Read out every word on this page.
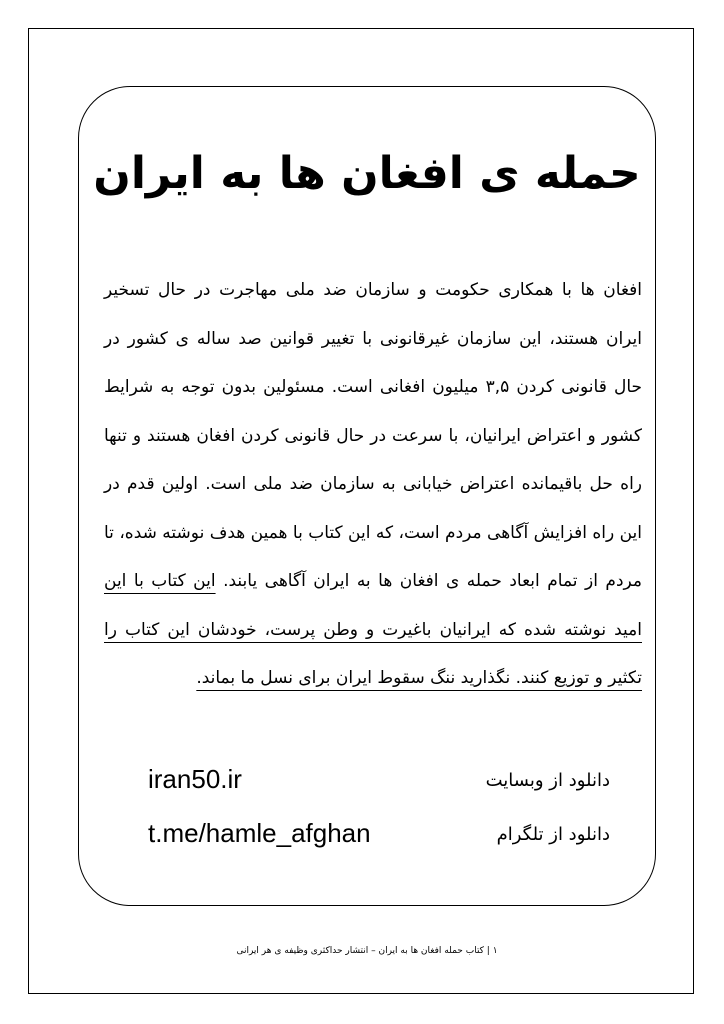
حمله ی افغان ها به ایران

افغان ها با همکاری حکومت و سازمان ضد ملی مهاجرت در حال تسخیر ایران هستند، این سازمان غیرقانونی با تغییر قوانین صد ساله ی کشور در حال قانونی کردن ۳,۵ میلیون افغانی است. مسئولین بدون توجه به شرایط کشور و اعتراض ایرانیان، با سرعت در حال قانونی کردن افغان هستند و تنها راه حل باقیمانده اعتراض خیابانی به سازمان ضد ملی است. اولین قدم در این راه افزایش آگاهی مردم است، که این کتاب با همین هدف نوشته شده، تا مردم از تمام ابعاد حمله ی افغان ها به ایران آگاهی یابند. این کتاب با این امید نوشته شده که ایرانیان باغیرت و وطن پرست، خودشان این کتاب را تکثیر و توزیع کنند. نگذارید ننگ سقوط ایران برای نسل ما بماند.

دانلود از وبسایت
iran50.ir
دانلود از تلگرام
t.me/hamle_afghan
۱ | کتاب حمله افغان ها به ایران – انتشار حداکثری وظیفه ی هر ایرانی
